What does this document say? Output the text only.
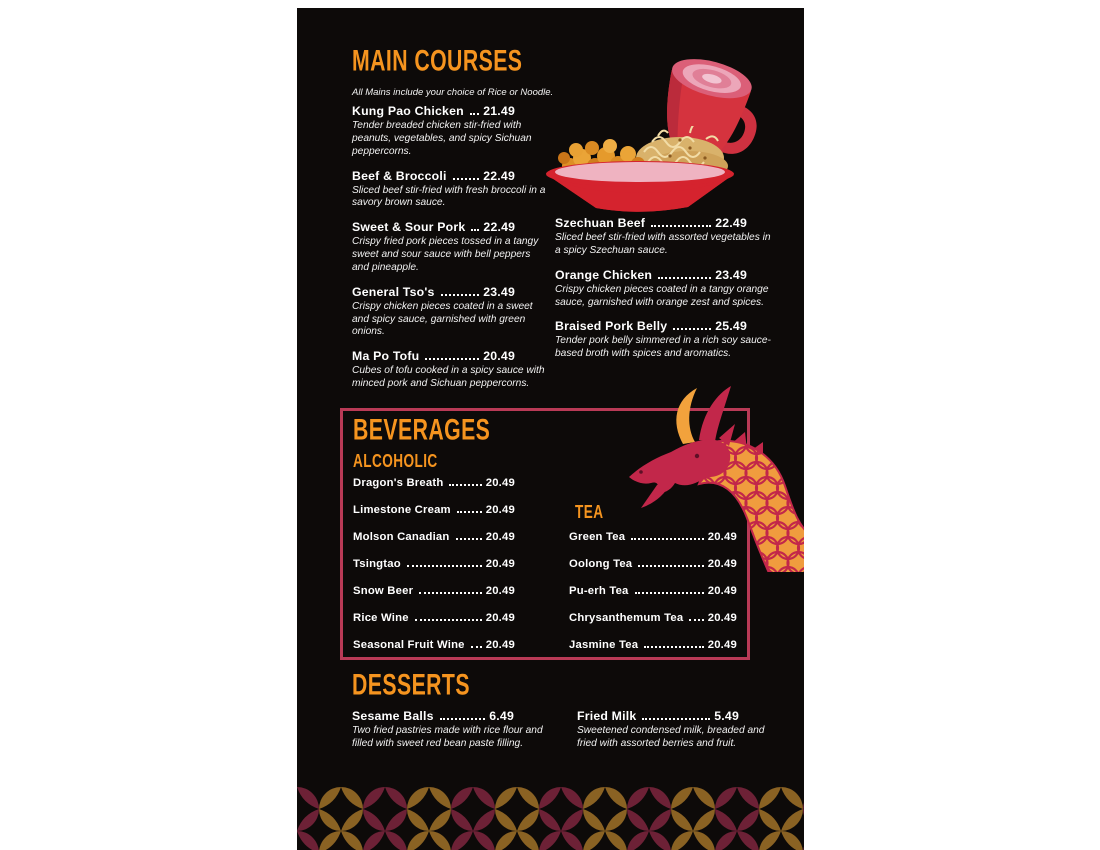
MAIN COURSES
All Mains include your choice of Rice or Noodle.
Kung Pao Chicken 21.49
Tender breaded chicken stir-fried with peanuts, vegetables, and spicy Sichuan peppercorns.
Beef & Broccoli	22.49
Sliced beef stir-fried with fresh broccoli in a savory brown sauce.
Sweet & Sour Pork 22.49
Crispy fried pork pieces tossed in a tangy sweet and sour sauce with bell peppers and pineapple.
General Tso's	23.49
Crispy chicken pieces coated in a sweet and spicy sauce, garnished with green onions.
Ma Po Tofu	20.49
Cubes of tofu cooked in a spicy sauce with minced pork and Sichuan peppercorns.
Szechuan Beef	22.49
Sliced beef stir-fried with assorted vegetables in a spicy Szechuan sauce.
Orange Chicken	23.49
Crispy chicken pieces coated in a tangy orange sauce, garnished with orange zest and spices.
Braised Pork Belly	25.49
Tender pork belly simmered in a rich soy sauce-based broth with spices and aromatics.
BEVERAGES
ALCOHOLIC
Dragon's Breath	20.49
Limestone Cream	20.49
Molson Canadian	20.49
Tsingtao	20.49
Snow Beer	20.49
Rice Wine	20.49
Seasonal Fruit Wine 20.49
TEA
Green Tea	20.49
Oolong Tea	20.49
Pu-erh Tea	20.49
Chrysanthemum Tea 20.49
Jasmine Tea	20.49
DESSERTS
Sesame Balls	6.49
Two fried pastries made with rice flour and filled with sweet red bean paste filling.
Fried Milk	5.49
Sweetened condensed milk, breaded and fried with assorted berries and fruit.
